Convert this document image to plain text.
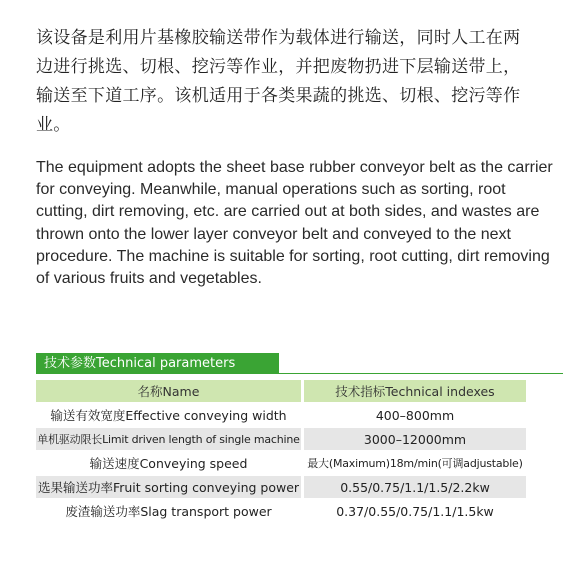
该设备是利用片基橡胶输送带作为载体进行输送，同时人工在两边进行挑选、切根、挖污等作业，并把废物扔进下层输送带上，输送至下道工序。该机适用于各类果蔬的挑选、切根、挖污等作业。
The equipment adopts the sheet base rubber conveyor belt as the carrier for conveying. Meanwhile, manual operations such as sorting, root cutting, dirt removing, etc. are carried out at both sides, and wastes are thrown onto the lower layer conveyor belt and conveyed to the next procedure. The machine is suitable for sorting, root cutting, dirt removing of various fruits and vegetables.
技术参数Technical parameters
名称Name	技术指标Technical indexes
输送有效宽度Effective conveying width	400–800mm
单机驱动限长Limit driven length of single machine	3000–12000mm
输送速度Conveying speed	最大(Maximum)18m/min(可调adjustable)
选果输送功率Fruit sorting conveying power	0.55/0.75/1.1/1.5/2.2kw
废渣输送功率Slag transport power	0.37/0.55/0.75/1.1/1.5kw
